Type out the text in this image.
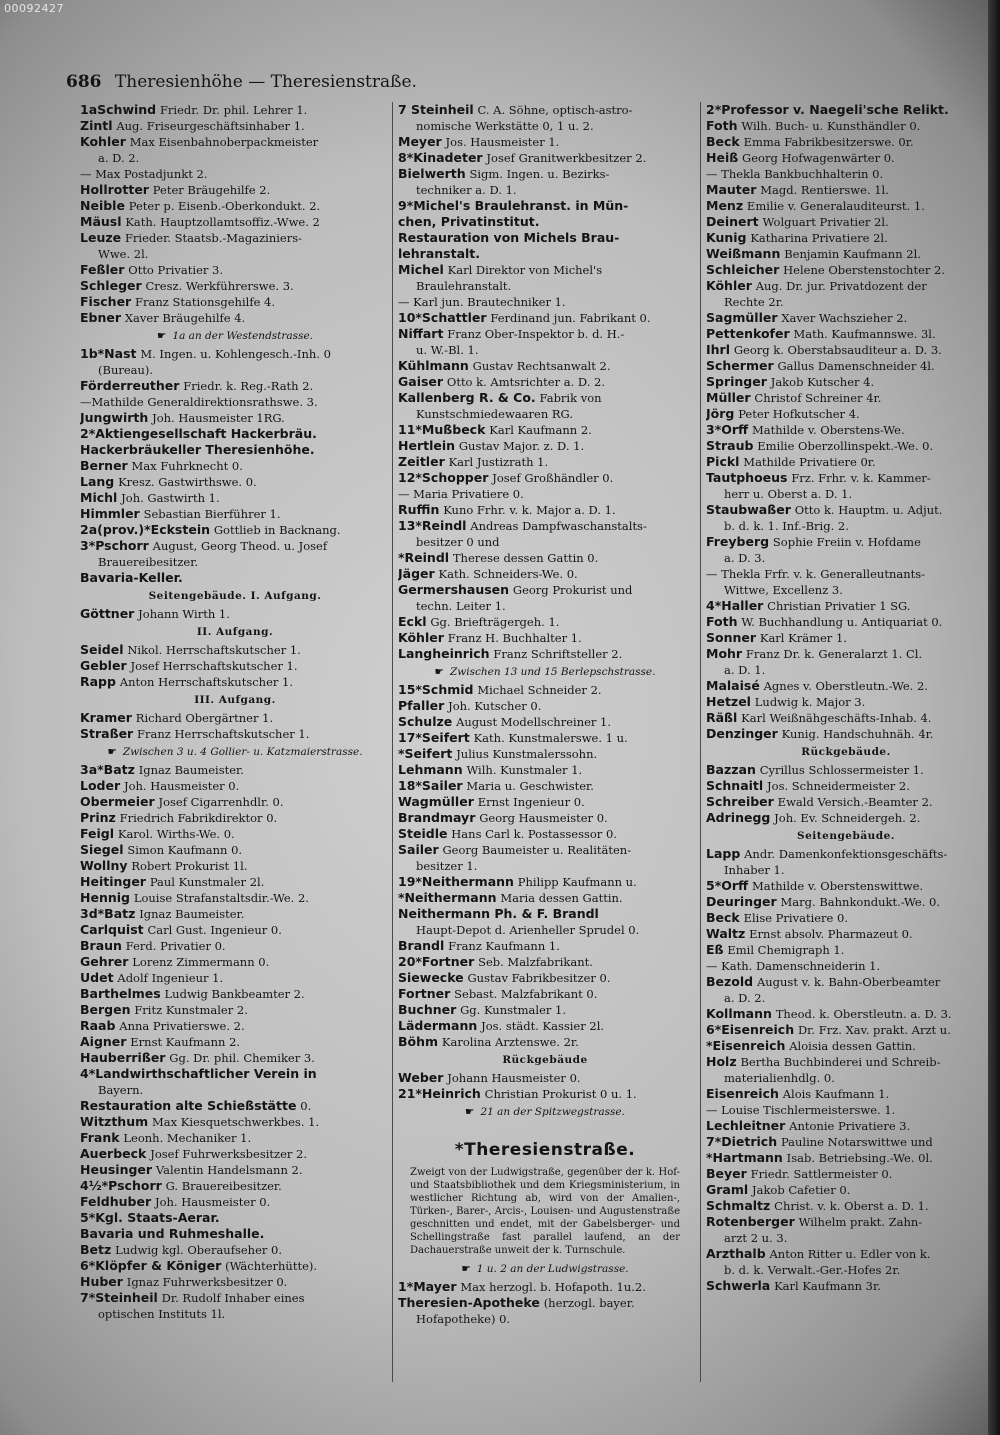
00092427
686 Theresienhöhe — Theresienstraße.
1aSchwind Friedr. Dr. phil. Lehrer 1.
Zintl Aug. Friseurgeschäftsinhaber 1.
Kohler Max Eisenbahnoberpackmeister
a. D. 2.
— Max Postadjunkt 2.
Hollrotter Peter Bräugehilfe 2.
Neible Peter p. Eisenb.-Oberkondukt. 2.
Mäusl Kath. Hauptzollamtsoffiz.-Wwe. 2
Leuze Frieder. Staatsb.-Magaziniers-
Wwe. 2l.
Feßler Otto Privatier 3.
Schleger Cresz. Werkführerswe. 3.
Fischer Franz Stationsgehilfe 4.
Ebner Xaver Bräugehilfe 4.
☛ 1a an der Westendstrasse.
1b*Nast M. Ingen. u. Kohlengesch.-Inh. 0
(Bureau).
Förderreuther Friedr. k. Reg.-Rath 2.
—Mathilde Generaldirektionsrathswe. 3.
Jungwirth Joh. Hausmeister 1RG.
2*Aktiengesellschaft Hackerbräu.
Hackerbräukeller Theresienhöhe.
Berner Max Fuhrknecht 0.
Lang Kresz. Gastwirthswe. 0.
Michl Joh. Gastwirth 1.
Himmler Sebastian Bierführer 1.
2a(prov.)*Eckstein Gottlieb in Backnang.
3*Pschorr August, Georg Theod. u. Josef
Brauereibesitzer.
Bavaria-Keller.
Seitengebäude. I. Aufgang.
Göttner Johann Wirth 1.
II. Aufgang.
Seidel Nikol. Herrschaftskutscher 1.
Gebler Josef Herrschaftskutscher 1.
Rapp Anton Herrschaftskutscher 1.
III. Aufgang.
Kramer Richard Obergärtner 1.
Straßer Franz Herrschaftskutscher 1.
☛ Zwischen 3 u. 4 Gollier- u. Katzmaierstrasse.
3a*Batz Ignaz Baumeister.
Loder Joh. Hausmeister 0.
Obermeier Josef Cigarrenhdlr. 0.
Prinz Friedrich Fabrikdirektor 0.
Feigl Karol. Wirths-We. 0.
Siegel Simon Kaufmann 0.
Wollny Robert Prokurist 1l.
Heitinger Paul Kunstmaler 2l.
Hennig Louise Strafanstaltsdir.-We. 2.
3d*Batz Ignaz Baumeister.
Carlquist Carl Gust. Ingenieur 0.
Braun Ferd. Privatier 0.
Gehrer Lorenz Zimmermann 0.
Udet Adolf Ingenieur 1.
Barthelmes Ludwig Bankbeamter 2.
Bergen Fritz Kunstmaler 2.
Raab Anna Privatierswe. 2.
Aigner Ernst Kaufmann 2.
Hauberrißer Gg. Dr. phil. Chemiker 3.
4*Landwirthschaftlicher Verein in
Bayern.
Restauration alte Schießstätte 0.
Witzthum Max Kiesquetschwerkbes. 1.
Frank Leonh. Mechaniker 1.
Auerbeck Josef Fuhrwerksbesitzer 2.
Heusinger Valentin Handelsmann 2.
4½*Pschorr G. Brauereibesitzer.
Feldhuber Joh. Hausmeister 0.
5*Kgl. Staats-Aerar.
Bavaria und Ruhmeshalle.
Betz Ludwig kgl. Oberaufseher 0.
6*Klöpfer & Königer (Wächterhütte).
Huber Ignaz Fuhrwerksbesitzer 0.
7*Steinheil Dr. Rudolf Inhaber eines
optischen Instituts 1l.
7 Steinheil C. A. Söhne, optisch-astro-
nomische Werkstätte 0, 1 u. 2.
Meyer Jos. Hausmeister 1.
8*Kinadeter Josef Granitwerkbesitzer 2.
Bielwerth Sigm. Ingen. u. Bezirks-
techniker a. D. 1.
9*Michel's Braulehranst. in Mün-
chen, Privatinstitut.
Restauration von Michels Brau-
lehranstalt.
Michel Karl Direktor von Michel's
Braulehranstalt.
— Karl jun. Brautechniker 1.
10*Schattler Ferdinand jun. Fabrikant 0.
Niffart Franz Ober-Inspektor b. d. H.-
u. W.-Bl. 1.
Kühlmann Gustav Rechtsanwalt 2.
Gaiser Otto k. Amtsrichter a. D. 2.
Kallenberg R. & Co. Fabrik von
Kunstschmiedewaaren RG.
11*Mußbeck Karl Kaufmann 2.
Hertlein Gustav Major. z. D. 1.
Zeitler Karl Justizrath 1.
12*Schopper Josef Großhändler 0.
— Maria Privatiere 0.
Ruffin Kuno Frhr. v. k. Major a. D. 1.
13*Reindl Andreas Dampfwaschanstalts-
besitzer 0 und
*Reindl Therese dessen Gattin 0.
Jäger Kath. Schneiders-We. 0.
Germershausen Georg Prokurist und
techn. Leiter 1.
Eckl Gg. Briefträgergeh. 1.
Köhler Franz H. Buchhalter 1.
Langheinrich Franz Schriftsteller 2.
☛ Zwischen 13 und 15 Berlepschstrasse.
15*Schmid Michael Schneider 2.
Pfaller Joh. Kutscher 0.
Schulze August Modellschreiner 1.
17*Seifert Kath. Kunstmalerswe. 1 u.
*Seifert Julius Kunstmalerssohn.
Lehmann Wilh. Kunstmaler 1.
18*Sailer Maria u. Geschwister.
Wagmüller Ernst Ingenieur 0.
Brandmayr Georg Hausmeister 0.
Steidle Hans Carl k. Postassessor 0.
Sailer Georg Baumeister u. Realitäten-
besitzer 1.
19*Neithermann Philipp Kaufmann u.
*Neithermann Maria dessen Gattin.
Neithermann Ph. & F. Brandl
Haupt-Depot d. Arienheller Sprudel 0.
Brandl Franz Kaufmann 1.
20*Fortner Seb. Malzfabrikant.
Siewecke Gustav Fabrikbesitzer 0.
Fortner Sebast. Malzfabrikant 0.
Buchner Gg. Kunstmaler 1.
Lädermann Jos. städt. Kassier 2l.
Böhm Karolina Arztenswe. 2r.
Rückgebäude
Weber Johann Hausmeister 0.
21*Heinrich Christian Prokurist 0 u. 1.
☛ 21 an der Spitzwegstrasse.
*Theresienstraße.
Zweigt von der Ludwigstraße, gegenüber der k. Hof- und Staatsbibliothek und dem Kriegsministerium, in westlicher Richtung ab, wird von der Amalien-, Türken-, Barer-, Arcis-, Louisen- und Augustenstraße geschnitten und endet, mit der Gabelsberger- und Schellingstraße fast parallel laufend, an der Dachauerstraße unweit der k. Turnschule.
☛ 1 u. 2 an der Ludwigstrasse.
1*Mayer Max herzogl. b. Hofapoth. 1u.2.
Theresien-Apotheke (herzogl. bayer.
Hofapotheke) 0.
2*Professor v. Naegeli'sche Relikt.
Foth Wilh. Buch- u. Kunsthändler 0.
Beck Emma Fabrikbesitzerswe. 0r.
Heiß Georg Hofwagenwärter 0.
— Thekla Bankbuchhalterin 0.
Mauter Magd. Rentierswe. 1l.
Menz Emilie v. Generalauditeurst. 1.
Deinert Wolguart Privatier 2l.
Kunig Katharina Privatiere 2l.
Weißmann Benjamin Kaufmann 2l.
Schleicher Helene Oberstenstochter 2.
Köhler Aug. Dr. jur. Privatdozent der
Rechte 2r.
Sagmüller Xaver Wachszieher 2.
Pettenkofer Math. Kaufmannswe. 3l.
Ihrl Georg k. Oberstabsauditeur a. D. 3.
Schermer Gallus Damenschneider 4l.
Springer Jakob Kutscher 4.
Müller Christof Schreiner 4r.
Jörg Peter Hofkutscher 4.
3*Orff Mathilde v. Oberstens-We.
Straub Emilie Oberzollinspekt.-We. 0.
Pickl Mathilde Privatiere 0r.
Tautphoeus Frz. Frhr. v. k. Kammer-
herr u. Oberst a. D. 1.
Staubwaßer Otto k. Hauptm. u. Adjut.
b. d. k. 1. Inf.-Brig. 2.
Freyberg Sophie Freiin v. Hofdame
a. D. 3.
— Thekla Frfr. v. k. Generalleutnants-
Wittwe, Excellenz 3.
4*Haller Christian Privatier 1 SG.
Foth W. Buchhandlung u. Antiquariat 0.
Sonner Karl Krämer 1.
Mohr Franz Dr. k. Generalarzt 1. Cl.
a. D. 1.
Malaisé Agnes v. Oberstleutn.-We. 2.
Hetzel Ludwig k. Major 3.
Räßl Karl Weißnähgeschäfts-Inhab. 4.
Denzinger Kunig. Handschuhnäh. 4r.
Rückgebäude.
Bazzan Cyrillus Schlossermeister 1.
Schnaitl Jos. Schneidermeister 2.
Schreiber Ewald Versich.-Beamter 2.
Adrinegg Joh. Ev. Schneidergeh. 2.
Seitengebäude.
Lapp Andr. Damenkonfektionsgeschäfts-
Inhaber 1.
5*Orff Mathilde v. Oberstenswittwe.
Deuringer Marg. Bahnkondukt.-We. 0.
Beck Elise Privatiere 0.
Waltz Ernst absolv. Pharmazeut 0.
Eß Emil Chemigraph 1.
— Kath. Damenschneiderin 1.
Bezold August v. k. Bahn-Oberbeamter
a. D. 2.
Kollmann Theod. k. Oberstleutn. a. D. 3.
6*Eisenreich Dr. Frz. Xav. prakt. Arzt u.
*Eisenreich Aloisia dessen Gattin.
Holz Bertha Buchbinderei und Schreib-
materialienhdlg. 0.
Eisenreich Alois Kaufmann 1.
— Louise Tischlermeisterswe. 1.
Lechleitner Antonie Privatiere 3.
7*Dietrich Pauline Notarswittwe und
*Hartmann Isab. Betriebsing.-We. 0l.
Beyer Friedr. Sattlermeister 0.
Graml Jakob Cafetier 0.
Schmaltz Christ. v. k. Oberst a. D. 1.
Rotenberger Wilhelm prakt. Zahn-
arzt 2 u. 3.
Arzthalb Anton Ritter u. Edler von k.
b. d. k. Verwalt.-Ger.-Hofes 2r.
Schwerla Karl Kaufmann 3r.
